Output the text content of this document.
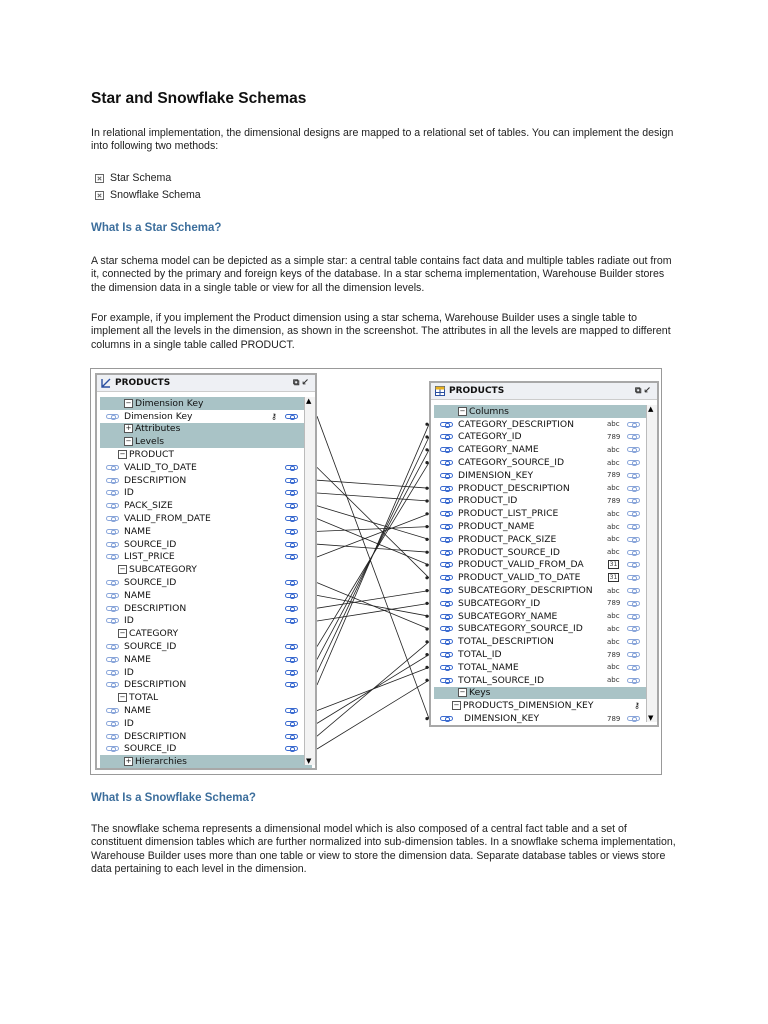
Star and Snowflake Schemas

In relational implementation, the dimensional designs are mapped to a relational set of tables. You can implement the design into following two methods:

Star Schema
Snowflake Schema
What Is a Star Schema?

A star schema model can be depicted as a simple star: a central table contains fact data and multiple tables radiate out from it, connected by the primary and foreign keys of the database. In a star schema implementation, Warehouse Builder stores the dimension data in a single table or view for all the dimension levels.

For example, if you implement the Product dimension using a star schema, Warehouse Builder uses a single table to implement all the levels in the dimension, as shown in the screenshot. The attributes in all the levels are mapped to different columns in a single table called PRODUCT.

PRODUCTS	⧉↙
− Dimension Key
Dimension Key	⚷
+ Attributes
− Levels
− PRODUCT
VALID_TO_DATE
DESCRIPTION
ID
PACK_SIZE
VALID_FROM_DATE
NAME
SOURCE_ID
LIST_PRICE
− SUBCATEGORY
SOURCE_ID
NAME
DESCRIPTION
ID
− CATEGORY
SOURCE_ID
NAME
ID
DESCRIPTION
− TOTAL
NAME
ID
DESCRIPTION
SOURCE_ID
+ Hierarchies
▲
▼
PRODUCTS	⧉↙
− Columns
CATEGORY_DESCRIPTION	abc
CATEGORY_ID	789
CATEGORY_NAME	abc
CATEGORY_SOURCE_ID	abc
DIMENSION_KEY	789
PRODUCT_DESCRIPTION	abc
PRODUCT_ID	789
PRODUCT_LIST_PRICE	abc
PRODUCT_NAME	abc
PRODUCT_PACK_SIZE	abc
PRODUCT_SOURCE_ID	abc
PRODUCT_VALID_FROM_DA	31
PRODUCT_VALID_TO_DATE	31
SUBCATEGORY_DESCRIPTION abc
SUBCATEGORY_ID	789
SUBCATEGORY_NAME	abc
SUBCATEGORY_SOURCE_ID	abc
TOTAL_DESCRIPTION	abc
TOTAL_ID	789
TOTAL_NAME	abc
TOTAL_SOURCE_ID	abc
− Keys
− PRODUCTS_DIMENSION_KEY	⚷
DIMENSION_KEY	789
▲
▼
What Is a Snowflake Schema?

The snowflake schema represents a dimensional model which is also composed of a central fact table and a set of constituent dimension tables which are further normalized into sub-dimension tables. In a snowflake schema implementation, Warehouse Builder uses more than one table or view to store the dimension data. Separate database tables or views store data pertaining to each level in the dimension.
